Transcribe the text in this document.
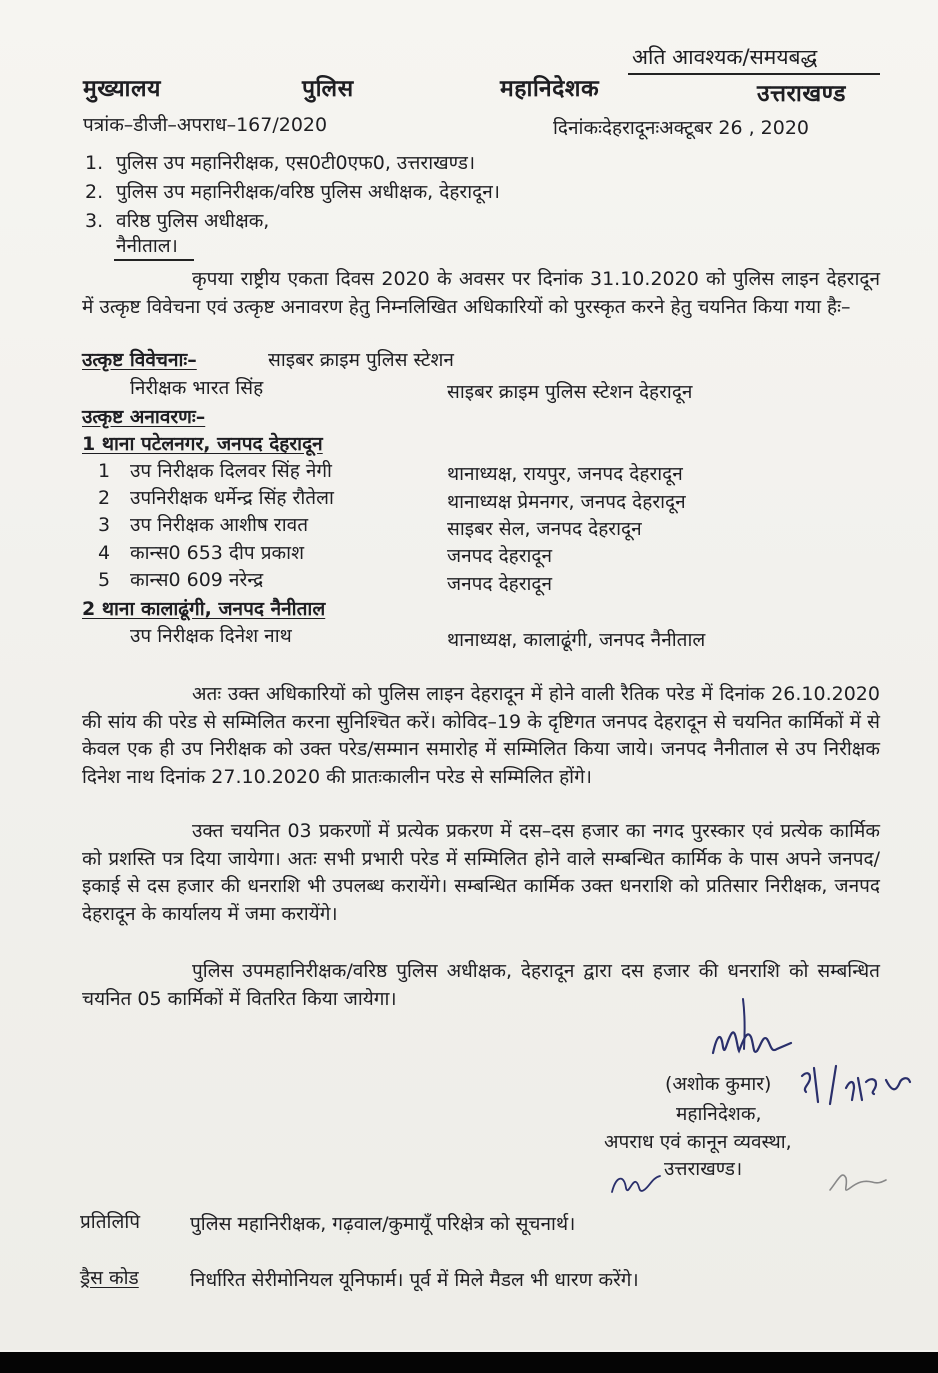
अति आवश्यक/समयबद्ध
मुख्यालय	पुलिस	महानिदेशक	उत्तराखण्ड
पत्रांक–डीजी–अपराध–167/2020	दिनांकःदेहरादूनःअक्टूबर 26 , 2020
1. पुलिस उप महानिरीक्षक, एस0टी0एफ0, उत्तराखण्ड।
2. पुलिस उप महानिरीक्षक/वरिष्ठ पुलिस अधीक्षक, देहरादून।
3. वरिष्ठ पुलिस अधीक्षक,
नैनीताल।
कृपया राष्ट्रीय एकता दिवस 2020 के अवसर पर दिनांक 31.10.2020 को पुलिस लाइन देहरादून में उत्कृष्ट विवेचना एवं उत्कृष्ट अनावरण हेतु निम्नलिखित अधिकारियों को पुरस्कृत करने हेतु चयनित किया गया हैः–
उत्कृष्ट विवेचनाः–	साइबर क्राइम पुलिस स्टेशन
निरीक्षक भारत सिंह	साइबर क्राइम पुलिस स्टेशन देहरादून
उत्कृष्ट अनावरणः–
1 थाना पटेलनगर, जनपद देहरादून
1 उप निरीक्षक दिलवर सिंह नेगी	थानाध्यक्ष, रायपुर, जनपद देहरादून
2 उपनिरीक्षक धर्मेन्द्र सिंह रौतेला	थानाध्यक्ष प्रेमनगर, जनपद देहरादून
3 उप निरीक्षक आशीष रावत	साइबर सेल, जनपद देहरादून
4 कान्स0 653 दीप प्रकाश	जनपद देहरादून
5 कान्स0 609 नरेन्द्र	जनपद देहरादून
2 थाना कालाढूंगी, जनपद नैनीताल
उप निरीक्षक दिनेश नाथ	थानाध्यक्ष, कालाढूंगी, जनपद नैनीताल
अतः उक्त अधिकारियों को पुलिस लाइन देहरादून में होने वाली रैतिक परेड में दिनांक 26.10.2020 की सांय की परेड से सम्मिलित करना सुनिश्चित करें। कोविद–19 के दृष्टिगत जनपद देहरादून से चयनित कार्मिकों में से केवल एक ही उप निरीक्षक को उक्त परेड/सम्मान समारोह में सम्मिलित किया जाये। जनपद नैनीताल से उप निरीक्षक दिनेश नाथ दिनांक 27.10.2020 की प्रातःकालीन परेड से सम्मिलित होंगे।
उक्त चयनित 03 प्रकरणों में प्रत्येक प्रकरण में दस–दस हजार का नगद पुरस्कार एवं प्रत्येक कार्मिक को प्रशस्ति पत्र दिया जायेगा। अतः सभी प्रभारी परेड में सम्मिलित होने वाले सम्बन्धित कार्मिक के पास अपने जनपद/इकाई से दस हजार की धनराशि भी उपलब्ध करायेंगे। सम्बन्धित कार्मिक उक्त धनराशि को प्रतिसार निरीक्षक, जनपद देहरादून के कार्यालय में जमा करायेंगे।
पुलिस उपमहानिरीक्षक/वरिष्ठ पुलिस अधीक्षक, देहरादून द्वारा दस हजार की धनराशि को सम्बन्धित चयनित 05 कार्मिकों में वितरित किया जायेगा।
(अशोक कुमार)
महानिदेशक,
अपराध एवं कानून व्यवस्था,
उत्तराखण्ड।
प्रतिलिपि	पुलिस महानिरीक्षक, गढ़वाल/कुमायूँ परिक्षेत्र को सूचनार्थ।
ड्रैस कोड	निर्धारित सेरीमोनियल यूनिफार्म। पूर्व में मिले मैडल भी धारण करेंगे।
